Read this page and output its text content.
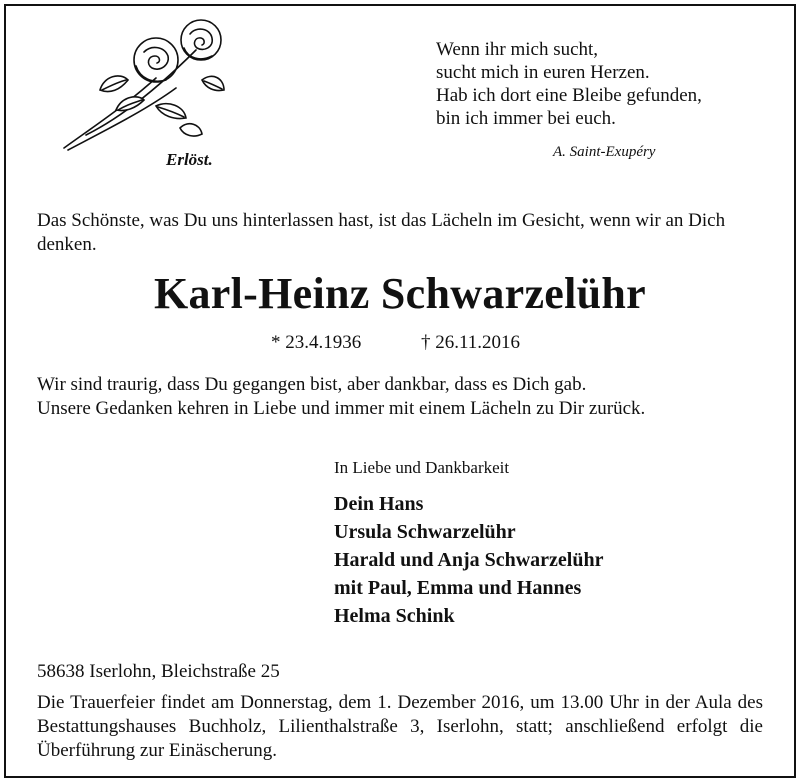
Erlöst.
Wenn ihr mich sucht,
sucht mich in euren Herzen.
Hab ich dort eine Bleibe gefunden,
bin ich immer bei euch.
A. Saint-Exupéry
Das Schönste, was Du uns hinterlassen hast, ist das Lächeln im Gesicht, wenn wir an Dich denken.
Karl-Heinz Schwarzelühr
* 23.4.1936	† 26.11.2016
Wir sind traurig, dass Du gegangen bist, aber dankbar, dass es Dich gab.
Unsere Gedanken kehren in Liebe und immer mit einem Lächeln zu Dir zurück.
In Liebe und Dankbarkeit
Dein Hans
Ursula Schwarzelühr
Harald und Anja Schwarzelühr
mit Paul, Emma und Hannes
Helma Schink
58638 Iserlohn, Bleichstraße 25
Die Trauerfeier findet am Donnerstag, dem 1. Dezember 2016, um 13.00 Uhr in der Aula des Bestattungshauses Buchholz, Lilienthalstraße 3, Iserlohn, statt; anschließend erfolgt die Überführung zur Einäscherung.
